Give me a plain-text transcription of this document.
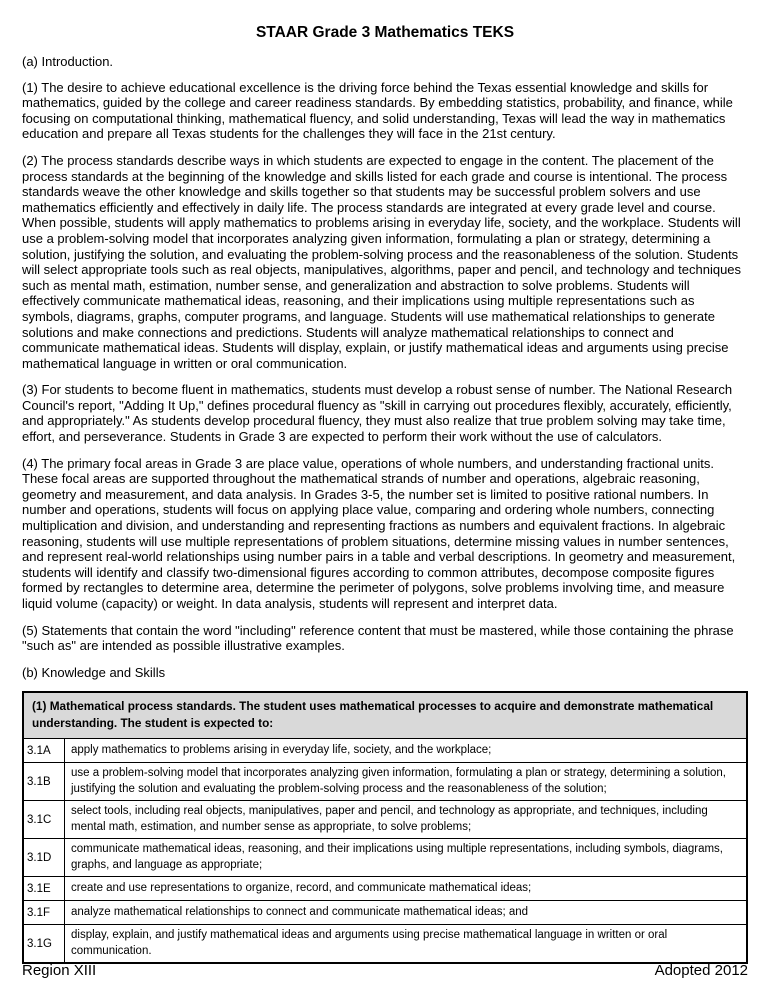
STAAR Grade 3 Mathematics TEKS
(a) Introduction.
(1) The desire to achieve educational excellence is the driving force behind the Texas essential knowledge and skills for mathematics, guided by the college and career readiness standards. By embedding statistics, probability, and finance, while focusing on computational thinking, mathematical fluency, and solid understanding, Texas will lead the way in mathematics education and prepare all Texas students for the challenges they will face in the 21st century.
(2) The process standards describe ways in which students are expected to engage in the content. The placement of the process standards at the beginning of the knowledge and skills listed for each grade and course is intentional. The process standards weave the other knowledge and skills together so that students may be successful problem solvers and use mathematics efficiently and effectively in daily life. The process standards are integrated at every grade level and course. When possible, students will apply mathematics to problems arising in everyday life, society, and the workplace. Students will use a problem-solving model that incorporates analyzing given information, formulating a plan or strategy, determining a solution, justifying the solution, and evaluating the problem-solving process and the reasonableness of the solution. Students will select appropriate tools such as real objects, manipulatives, algorithms, paper and pencil, and technology and techniques such as mental math, estimation, number sense, and generalization and abstraction to solve problems. Students will effectively communicate mathematical ideas, reasoning, and their implications using multiple representations such as symbols, diagrams, graphs, computer programs, and language. Students will use mathematical relationships to generate solutions and make connections and predictions. Students will analyze mathematical relationships to connect and communicate mathematical ideas. Students will display, explain, or justify mathematical ideas and arguments using precise mathematical language in written or oral communication.
(3) For students to become fluent in mathematics, students must develop a robust sense of number. The National Research Council's report, "Adding It Up," defines procedural fluency as "skill in carrying out procedures flexibly, accurately, efficiently, and appropriately." As students develop procedural fluency, they must also realize that true problem solving may take time, effort, and perseverance. Students in Grade 3 are expected to perform their work without the use of calculators.
(4) The primary focal areas in Grade 3 are place value, operations of whole numbers, and understanding fractional units. These focal areas are supported throughout the mathematical strands of number and operations, algebraic reasoning, geometry and measurement, and data analysis. In Grades 3-5, the number set is limited to positive rational numbers. In number and operations, students will focus on applying place value, comparing and ordering whole numbers, connecting multiplication and division, and understanding and representing fractions as numbers and equivalent fractions. In algebraic reasoning, students will use multiple representations of problem situations, determine missing values in number sentences, and represent real-world relationships using number pairs in a table and verbal descriptions. In geometry and measurement, students will identify and classify two-dimensional figures according to common attributes, decompose composite figures formed by rectangles to determine area, determine the perimeter of polygons, solve problems involving time, and measure liquid volume (capacity) or weight. In data analysis, students will represent and interpret data.
(5) Statements that contain the word "including" reference content that must be mastered, while those containing the phrase "such as" are intended as possible illustrative examples.
(b) Knowledge and Skills
(1) Mathematical process standards. The student uses mathematical processes to acquire and demonstrate mathematical understanding. The student is expected to:	
3.1A	apply mathematics to problems arising in everyday life, society, and the workplace;
3.1B	use a problem-solving model that incorporates analyzing given information, formulating a plan or strategy, determining a solution, justifying the solution and evaluating the problem-solving process and the reasonableness of the solution;
3.1C	select tools, including real objects, manipulatives, paper and pencil, and technology as appropriate, and techniques, including mental math, estimation, and number sense as appropriate, to solve problems;
3.1D	communicate mathematical ideas, reasoning, and their implications using multiple representations, including symbols, diagrams, graphs, and language as appropriate;
3.1E	create and use representations to organize, record, and communicate mathematical ideas;
3.1F	analyze mathematical relationships to connect and communicate mathematical ideas; and
3.1G	display, explain, and justify mathematical ideas and arguments using precise mathematical language in written or oral communication.
Region XIII	Adopted 2012
